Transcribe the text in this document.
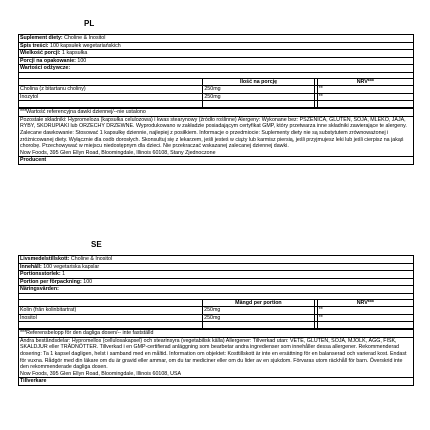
PL
Suplement diety: Choline & Inositol
Spis treści: 100 kapsułek wegetariańskich
Wielkość porcji: 1 kapsułka
Porcji na opakowanie: 100
Wartości odżywcze:
	Ilość na porcję		NRV***
Cholina (z bitartanu choliny)	250mg		**
Inozytol	250mg		**

***Wartość referencyjna dawki dziennej/--nie ustalono

Pozostałe składniki: Hypromeloza (kapsułka celulozowa) i kwas stearynowy (źródło roślinne) Alergeny: Wykonane bez: PSZENICA, GLUTEN, SOJA, MLEKO, JAJA, RYBY, SKORUPIAKI lub ORZECHY DRZEWNE. Wyprodukowano w zakładzie posiadającym certyfikat GMP, który przetwarza inne składniki zawierające te alergeny. Zalecane dawkowanie: Stosować 1 kapsułkę dziennie, najlepiej z posiłkiem. Informacje o przedmiocie: Suplementy diety nie są substytutem zrównoważonej i zróżnicowanej diety. Wyłącznie dla osób dorosłych. Skonsultuj się z lekarzem, jeśli jesteś w ciąży lub karmisz piersią, jeśli przyjmujesz leki lub jeśli cierpisz na jakąś chorobę. Przechowywać w miejscu niedostępnym dla dzieci. Nie przekraczać wskazanej zalecanej dziennej dawki.

Now Foods, 395 Glen Ellyn Road, Bloomingdale, Illinois 60108, Stany Zjednoczone

Producent
SE
Livsmedelstillskott: Choline & Inositol
Innehåll: 100 vegetariska kapslar
Portionsstorlek: 1
Portion per förpackning: 100
Näringsvärden:
	Mängd per portion		NRV***
Kolin (från kolinbitartrat)	250mg		**
Inositol	250mg		**

***Referensbelopp för den dagliga dosen/-- inte fastställd

Andra beståndsdelar: Hypromellos (cellulosakapsel) och stearinsyra (vegetabilisk källa) Allergener: Tillverkad utan: VETE, GLUTEN, SOJA, MJÖLK, ÄGG, FISK, SKALDJUR eller TRÄDNÖTTER. Tillverkad i en GMP-certifierad anläggning som bearbetar andra ingredienser som innehåller dessa allergener. Rekommenderad dosering: Ta 1 kapsel dagligen, helst i samband med en måltid. Information om objektet: Kosttillskott är inte en ersättning för en balanserad och varierad kost. Endast för vuxna. Rådgör med din läkare om du är gravid eller ammar, om du tar mediciner eller om du lider av en sjukdom. Förvaras utom räckhåll för barn. Överskrid inte den rekommenderade dagliga dosen.

Now Foods, 395 Glen Ellyn Road, Bloomingdale, Illinois 60108, USA

Tillverkare
